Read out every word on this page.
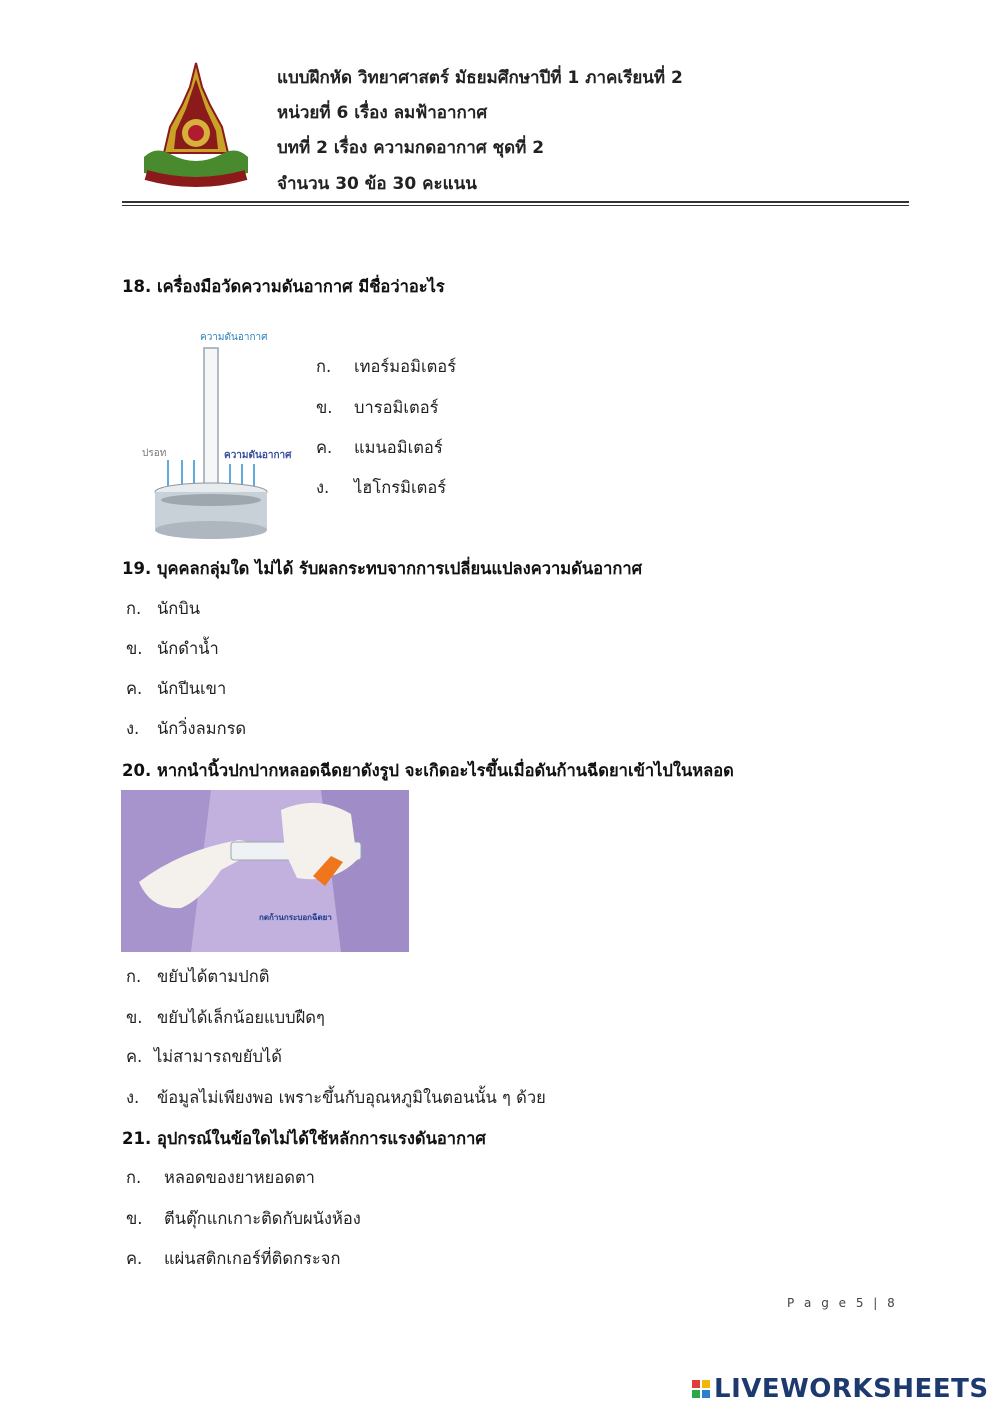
แบบฝึกหัด วิทยาศาสตร์ มัธยมศึกษาปีที่ 1 ภาคเรียนที่ 2
หน่วยที่ 6 เรื่อง ลมฟ้าอากาศ
บทที่ 2 เรื่อง ความกดอากาศ ชุดที่ 2
จำนวน 30 ข้อ 30 คะแนน
18. เครื่องมือวัดความดันอากาศ มีชื่อว่าอะไร
ความดันอากาศ
ความดันอากาศ
ปรอท
ก. เทอร์มอมิเตอร์
ข. บารอมิเตอร์
ค. แมนอมิเตอร์
ง. ไฮโกรมิเตอร์
19. บุคคลกลุ่มใด ไม่ได้ รับผลกระทบจากการเปลี่ยนแปลงความดันอากาศ
ก. นักบิน
ข. นักดำน้ำ
ค. นักปีนเขา
ง. นักวิ่งลมกรด
20. หากนำนิ้วปกปากหลอดฉีดยาดังรูป จะเกิดอะไรขึ้นเมื่อดันก้านฉีดยาเข้าไปในหลอด
กดก้านกระบอกฉีดยา
ก. ขยับได้ตามปกติ
ข. ขยับได้เล็กน้อยแบบฝืดๆ
ค. ไม่สามารถขยับได้
ง. ข้อมูลไม่เพียงพอ เพราะขึ้นกับอุณหภูมิในตอนนั้น ๆ ด้วย
21. อุปกรณ์ในข้อใดไม่ได้ใช้หลักการแรงดันอากาศ
ก. หลอดของยาหยอดตา
ข. ตีนตุ๊กแกเกาะติดกับผนังห้อง
ค. แผ่นสติกเกอร์ที่ติดกระจก
P a g e 5 | 8
LIVEWORKSHEETS
